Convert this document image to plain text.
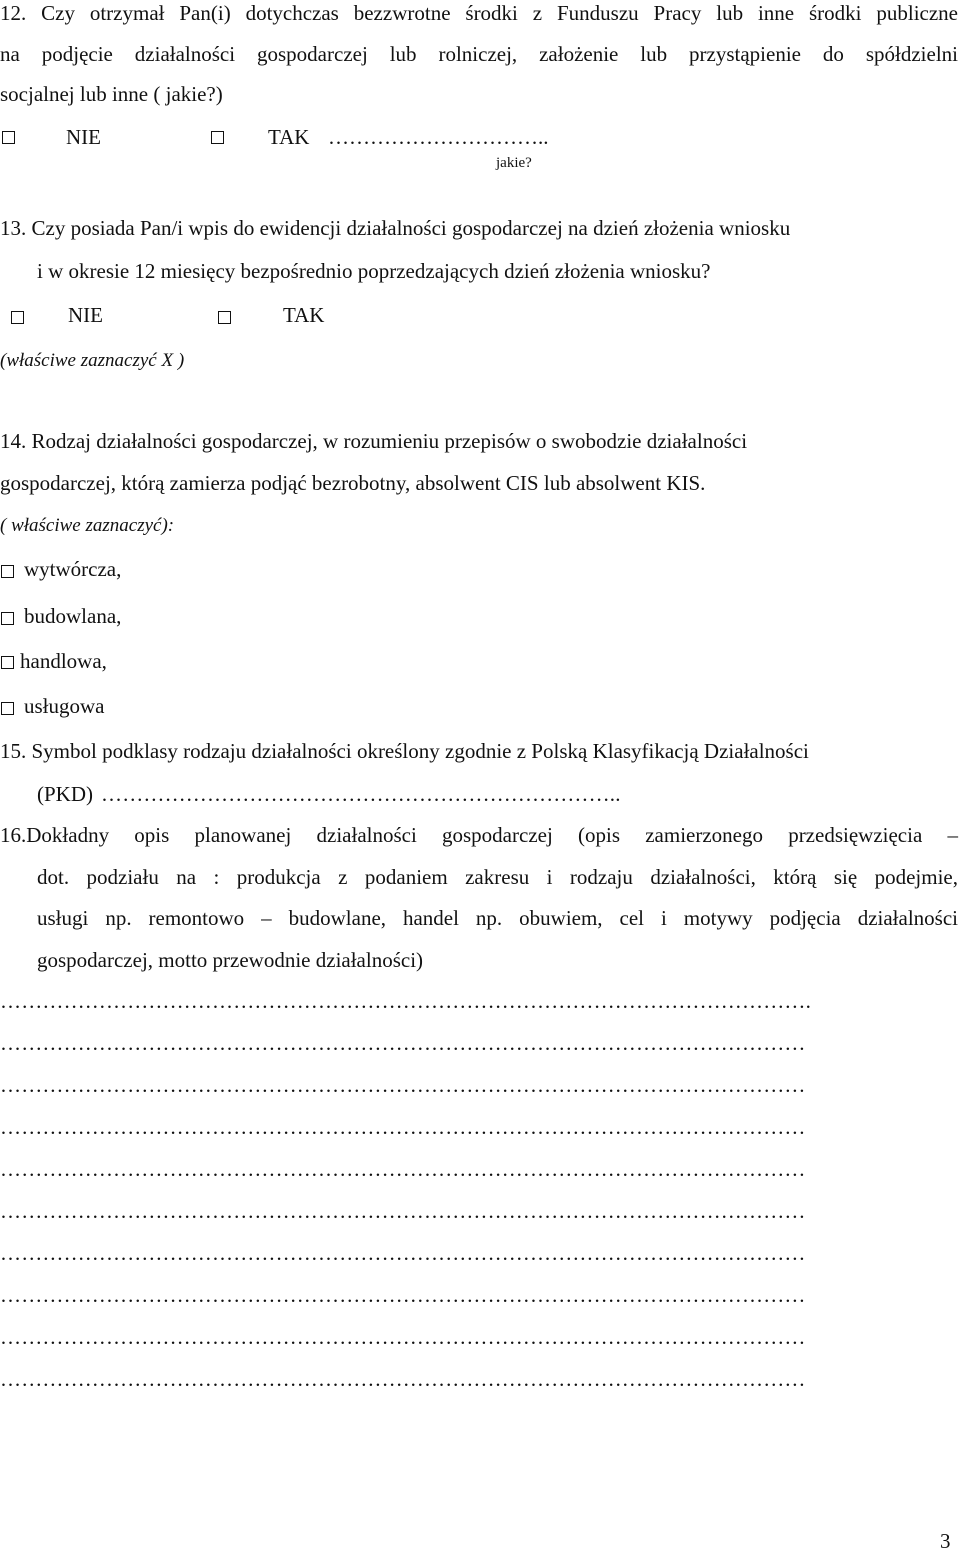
12. Czy otrzymał Pan(i) dotychczas bezzwrotne środki z Funduszu Pracy lub inne środki publiczne
na podjęcie działalności gospodarczej lub rolniczej, założenie lub przystąpienie do spółdzielni
socjalnej lub inne ( jakie?)
NIE	TAK …………………………..
jakie?
13. Czy posiada Pan/i wpis do ewidencji działalności gospodarczej na dzień złożenia wniosku
i w okresie 12 miesięcy bezpośrednio poprzedzających dzień złożenia wniosku?
NIE	TAK
(właściwe zaznaczyć X )
14. Rodzaj działalności gospodarczej, w rozumieniu przepisów o swobodzie działalności
gospodarczej, którą zamierza podjąć bezrobotny, absolwent CIS lub absolwent KIS.
( właściwe zaznaczyć):
wytwórcza,
budowlana,
handlowa,
usługowa
15. Symbol podklasy rodzaju działalności określony zgodnie z Polską Klasyfikacją Działalności
(PKD) ………………………………………………………………..
16.Dokładny opis planowanej działalności gospodarczej (opis zamierzonego przedsięwzięcia –
dot. podziału na : produkcja z podaniem zakresu i rodzaju działalności, którą się podejmie,
usługi np. remontowo – budowlane, handel np. obuwiem, cel i motywy podjęcia działalności
gospodarczej, motto przewodnie działalności)
…………………………………………………………………………………………………….
……………………………………………………………………………………………………
……………………………………………………………………………………………………
……………………………………………………………………………………………………
……………………………………………………………………………………………………
……………………………………………………………………………………………………
……………………………………………………………………………………………………
……………………………………………………………………………………………………
……………………………………………………………………………………………………
……………………………………………………………………………………………………
3
